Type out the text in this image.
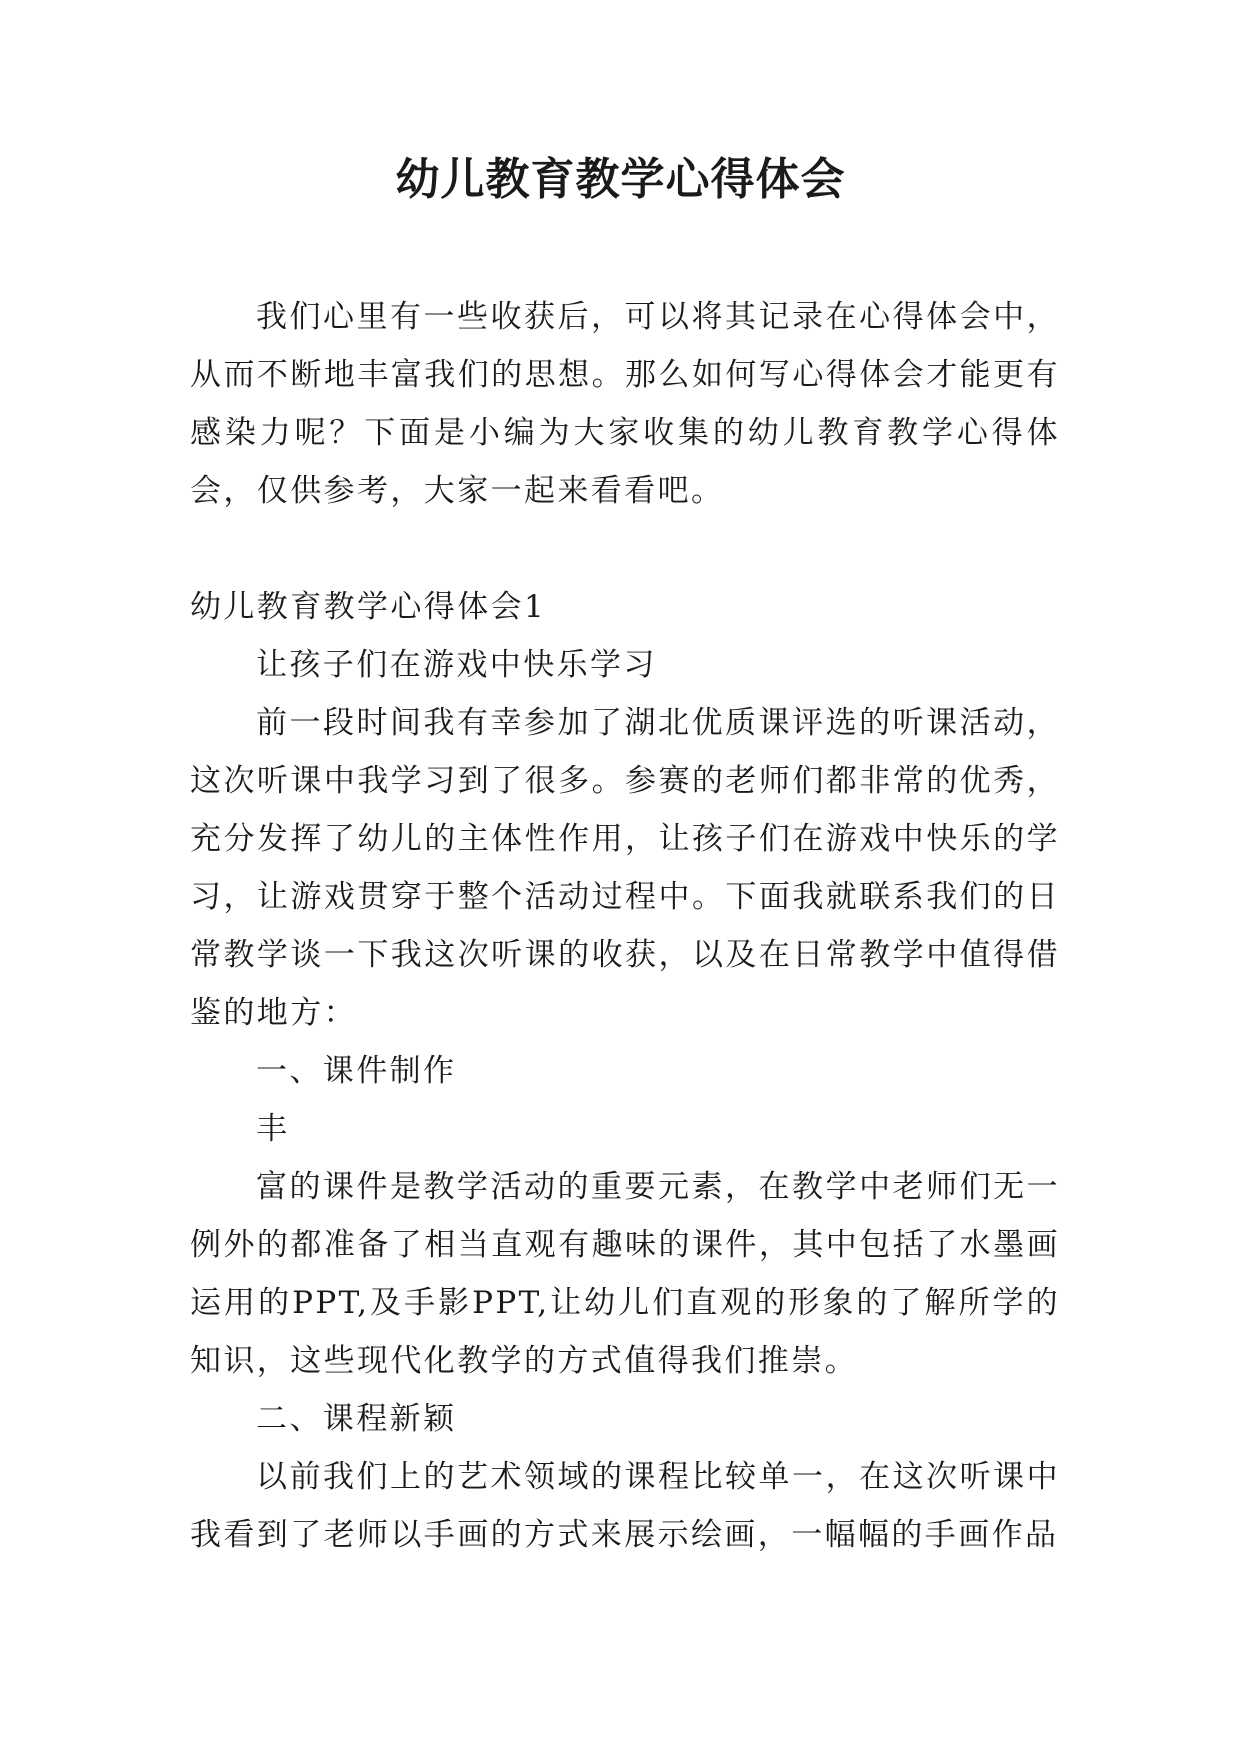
幼儿教育教学心得体会

我们心里有一些收获后，可以将其记录在心得体会中，从而不断地丰富我们的思想。那么如何写心得体会才能更有感染力呢？下面是小编为大家收集的幼儿教育教学心得体会，仅供参考，大家一起来看看吧。

幼儿教育教学心得体会1

让孩子们在游戏中快乐学习

前一段时间我有幸参加了湖北优质课评选的听课活动，这次听课中我学习到了很多。参赛的老师们都非常的优秀，充分发挥了幼儿的主体性作用，让孩子们在游戏中快乐的学习，让游戏贯穿于整个活动过程中。下面我就联系我们的日常教学谈一下我这次听课的收获，以及在日常教学中值得借鉴的地方：

一、课件制作

丰

富的课件是教学活动的重要元素，在教学中老师们无一例外的都准备了相当直观有趣味的课件，其中包括了水墨画运用的PPT,及手影PPT,让幼儿们直观的形象的了解所学的知识，这些现代化教学的方式值得我们推崇。

二、课程新颖

以前我们上的艺术领域的课程比较单一，在这次听课中我看到了老师以手画的方式来展示绘画，一幅幅的手画作品
